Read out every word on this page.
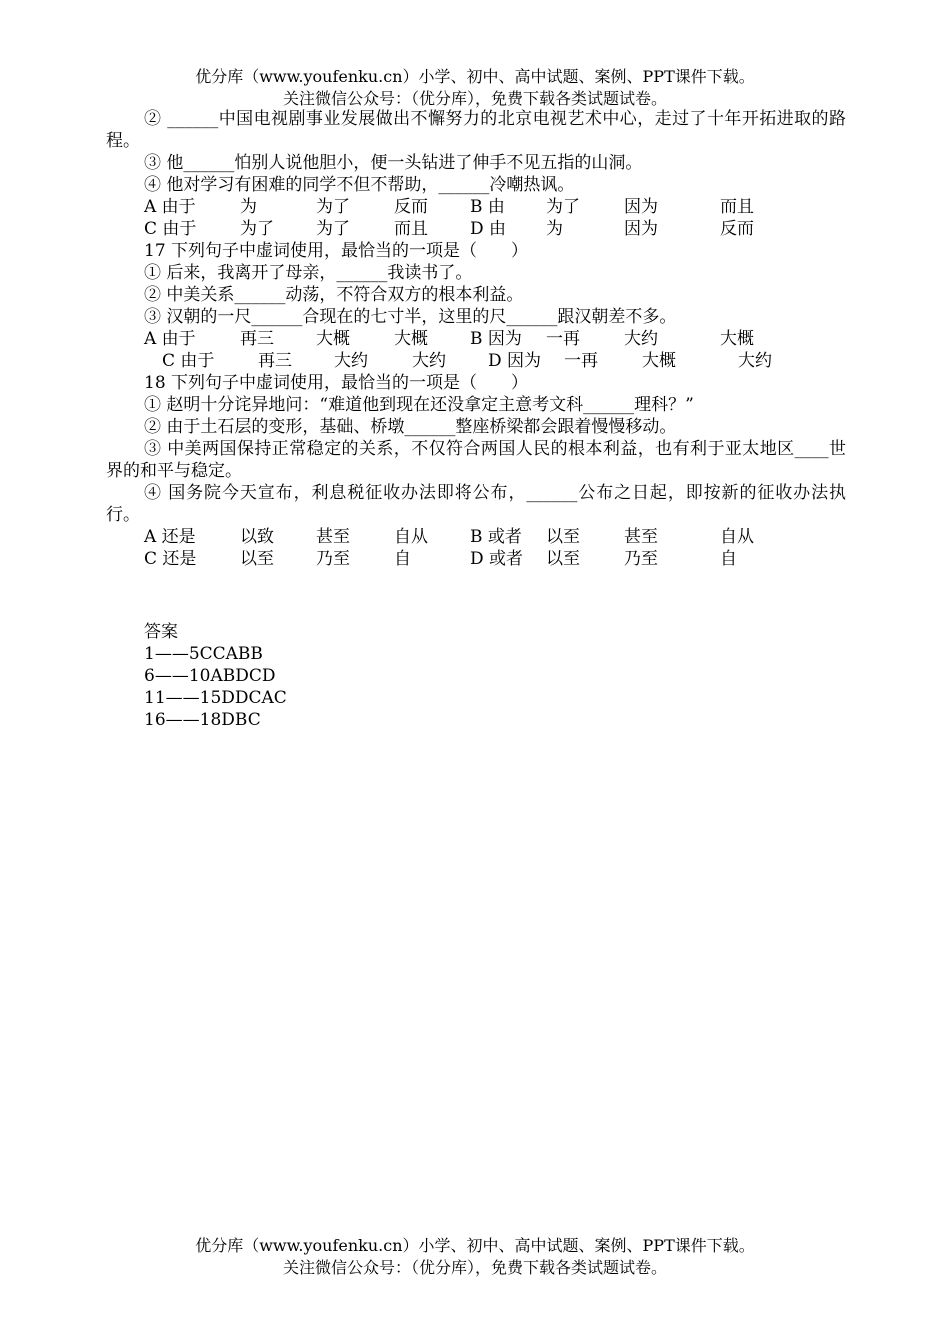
优分库（www.youfenku.cn）小学、初中、高中试题、案例、PPT课件下载。
关注微信公众号：（优分库），免费下载各类试题试卷。

② ______中国电视剧事业发展做出不懈努力的北京电视艺术中心，走过了十年开拓进取的路程。

③ 他______怕别人说他胆小，便一头钻进了伸手不见五指的山洞。

④ 他对学习有困难的同学不但不帮助，______冷嘲热讽。

A 由于	为	为了	反而 B 由 为了	因为	而且
C 由于	为了 为了	而且 D 由 为	因为	反而

17 下列句子中虚词使用，最恰当的一项是（　　）

① 后来，我离开了母亲，______我读书了。

② 中美关系______动荡，不符合双方的根本利益。

③ 汉朝的一尺______合现在的七寸半，这里的尺______跟汉朝差不多。

A 由于	再三 大概	大概 B 因为 一再	大约	大概
C 由于	再三 大约	大约 D 因为 一再	大概	大约

18 下列句子中虚词使用，最恰当的一项是（　　）

① 赵明十分诧异地问：“难道他到现在还没拿定主意考文科______理科？”

② 由于土石层的变形，基础、桥墩______整座桥梁都会跟着慢慢移动。

③ 中美两国保持正常稳定的关系，不仅符合两国人民的根本利益，也有利于亚太地区____世界的和平与稳定。

④ 国务院今天宣布，利息税征收办法即将公布，______公布之日起，即按新的征收办法执行。

A 还是	以致 甚至	自从 B 或者 以至	甚至	自从
C 还是	以至 乃至	自	D 或者 以至	乃至	自
答案
1——5CCABB
6——10ABDCD
11——15DDCAC
16——18DBC
优分库（www.youfenku.cn）小学、初中、高中试题、案例、PPT课件下载。
关注微信公众号：（优分库），免费下载各类试题试卷。
